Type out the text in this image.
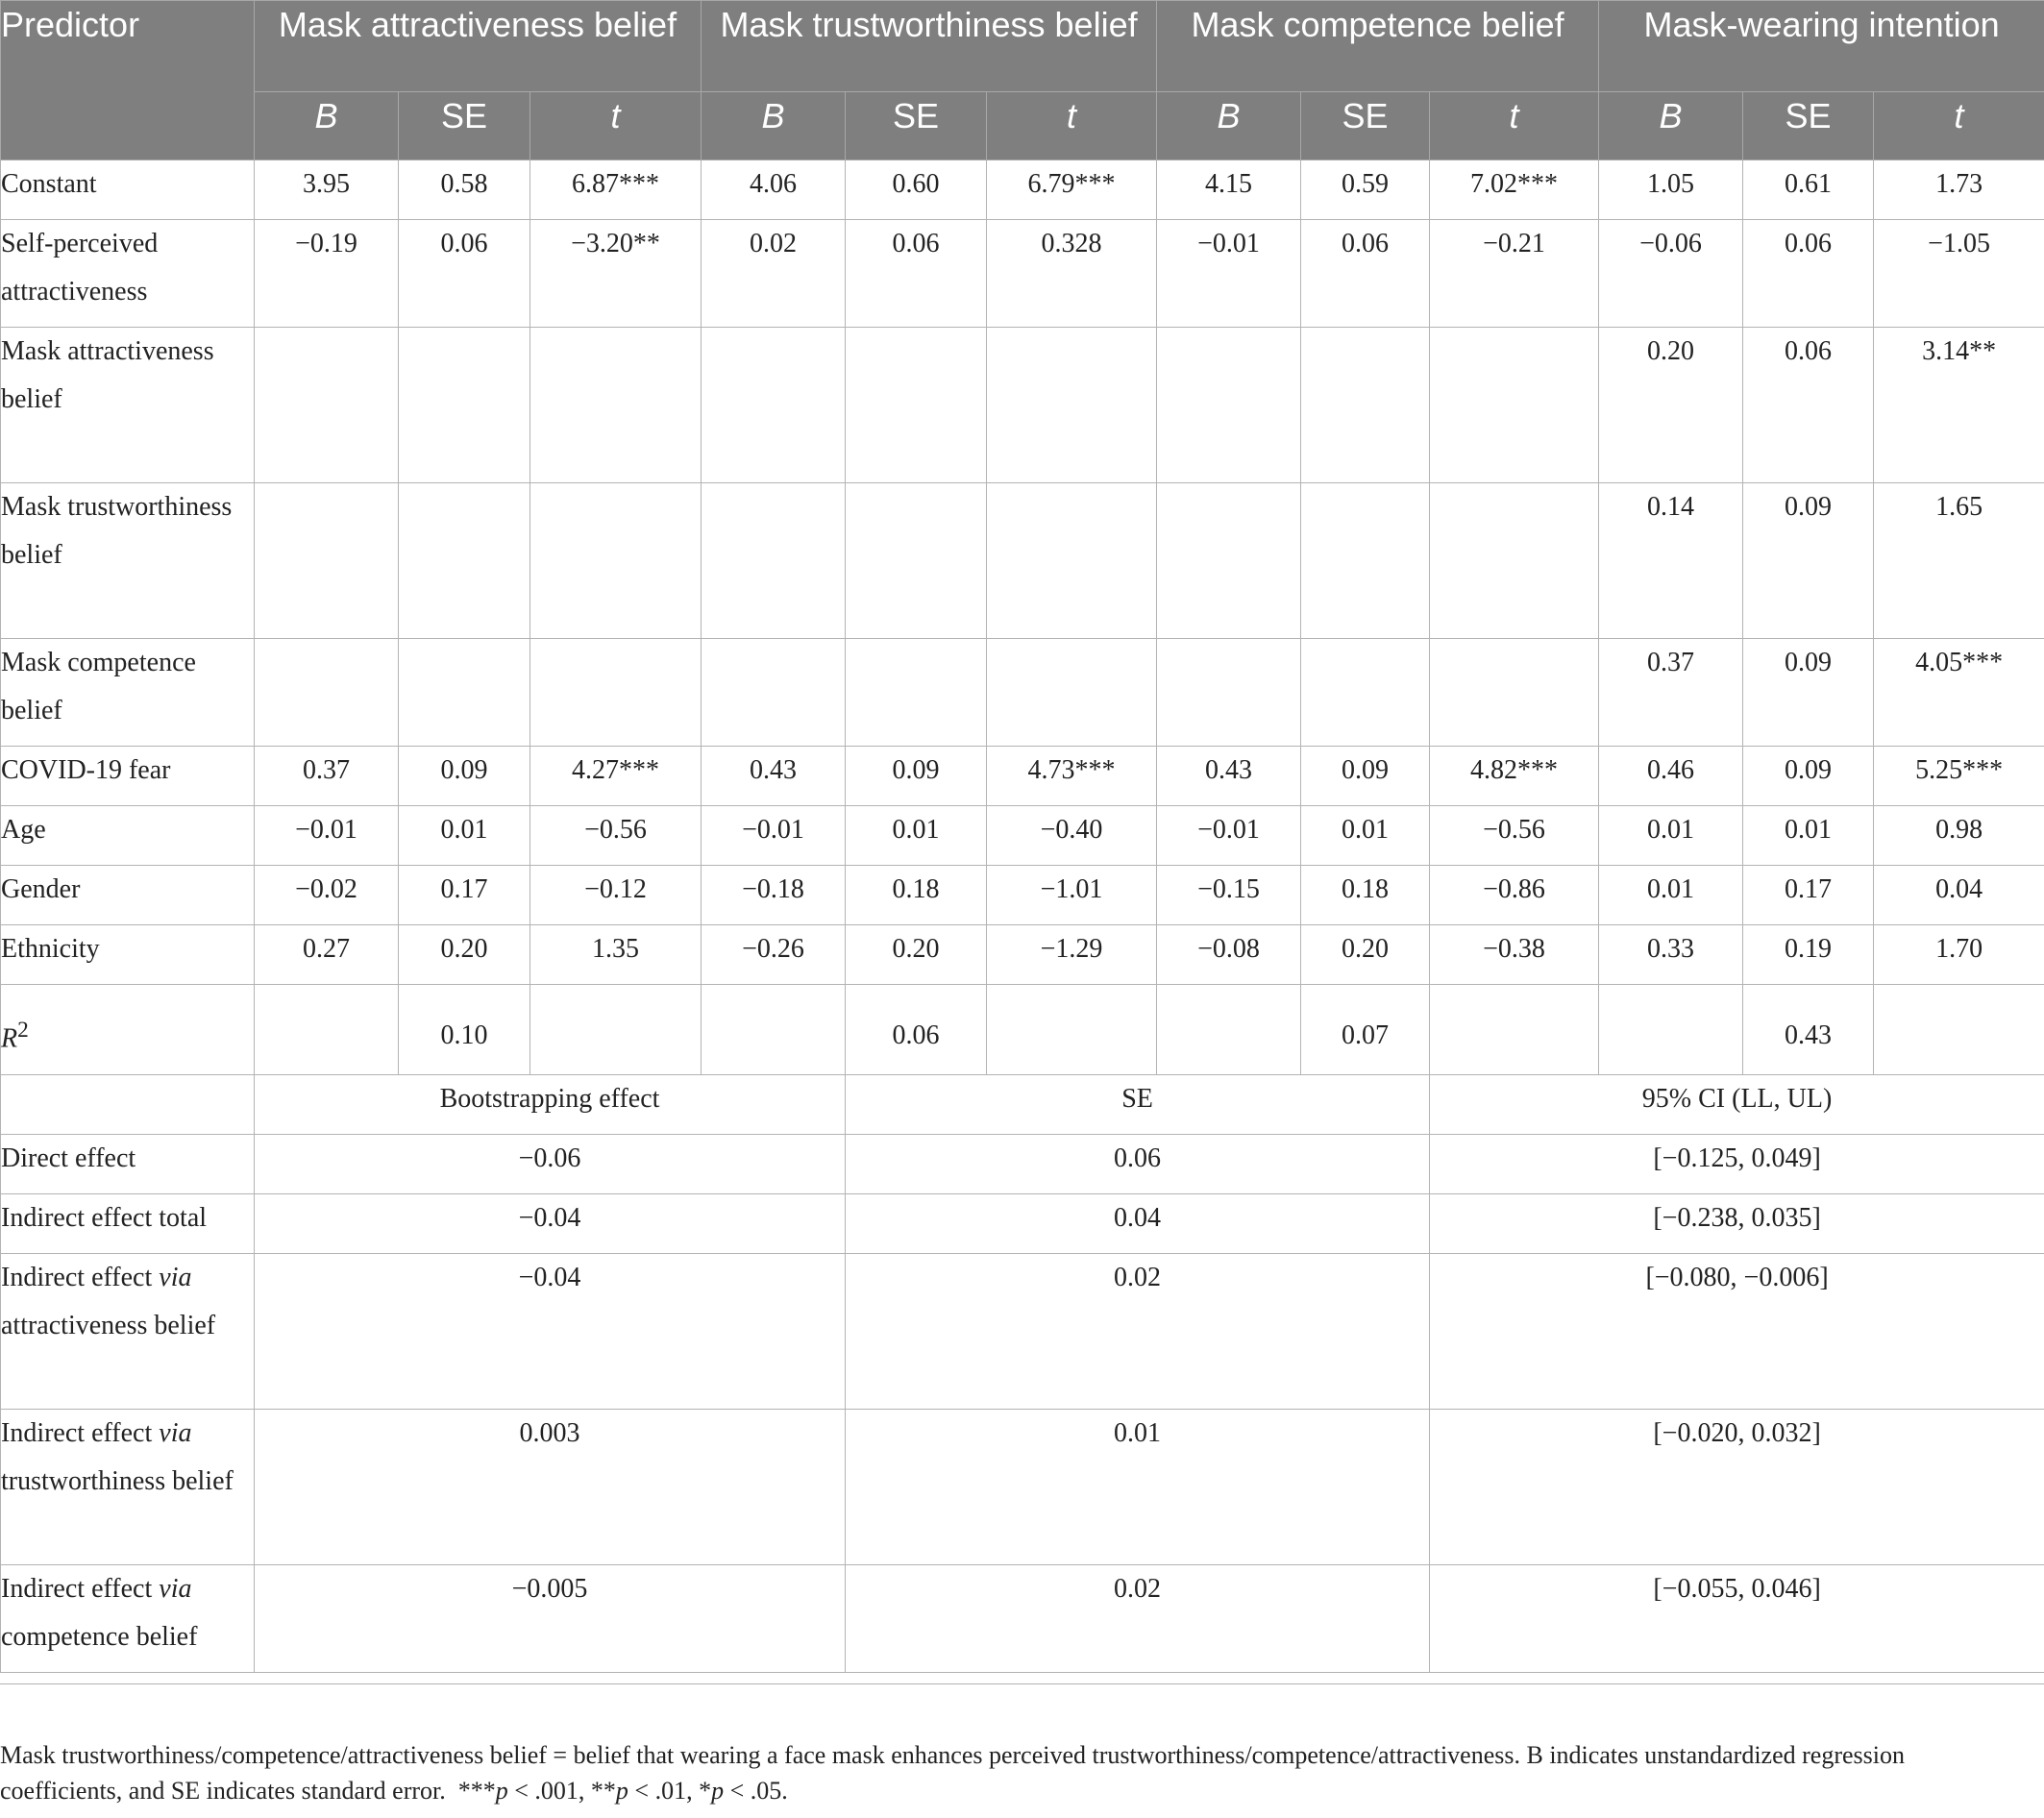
Predictor	Mask attractiveness belief			Mask trustworthiness belief			Mask competence belief			Mask-wearing intention		
	B	SE	t	B	SE	t	B	SE	t	B	SE	t
Constant	3.95	0.58	6.87***	4.06	0.60	6.79***	4.15	0.59	7.02***	1.05	0.61	1.73
Self-perceived attractiveness	−0.19	0.06	−3.20**	0.02	0.06	0.328	−0.01	0.06	−0.21	−0.06	0.06	−1.05
Mask attractiveness belief										0.20	0.06	3.14**
Mask trustworthiness belief										0.14	0.09	1.65
Mask competence belief										0.37	0.09	4.05***
COVID-19 fear	0.37	0.09	4.27***	0.43	0.09	4.73***	0.43	0.09	4.82***	0.46	0.09	5.25***
Age	−0.01	0.01	−0.56	−0.01	0.01	−0.40	−0.01	0.01	−0.56	0.01	0.01	0.98
Gender	−0.02	0.17	−0.12	−0.18	0.18	−1.01	−0.15	0.18	−0.86	0.01	0.17	0.04
Ethnicity	0.27	0.20	1.35	−0.26	0.20	−1.29	−0.08	0.20	−0.38	0.33	0.19	1.70
$R^2$		0.10			0.06			0.07			0.43	
	Bootstrapping effect				SE				95% CI (LL, UL)			
Direct effect	−0.06				0.06				[−0.125, 0.049]			
Indirect effect total	−0.04				0.04				[−0.238, 0.035]			
Indirect effect via attractiveness belief	−0.04				0.02				[−0.080, −0.006]			
Indirect effect via trustworthiness belief	0.003				0.01				[−0.020, 0.032]			
Indirect effect via competence belief	−0.005				0.02				[−0.055, 0.046]			
Mask trustworthiness/competence/attractiveness belief = belief that wearing a face mask enhances perceived trustworthiness/competence/attractiveness. B indicates unstandardized regression coefficients, and SE indicates standard error. ***p < .001, **p < .01, *p < .05.
